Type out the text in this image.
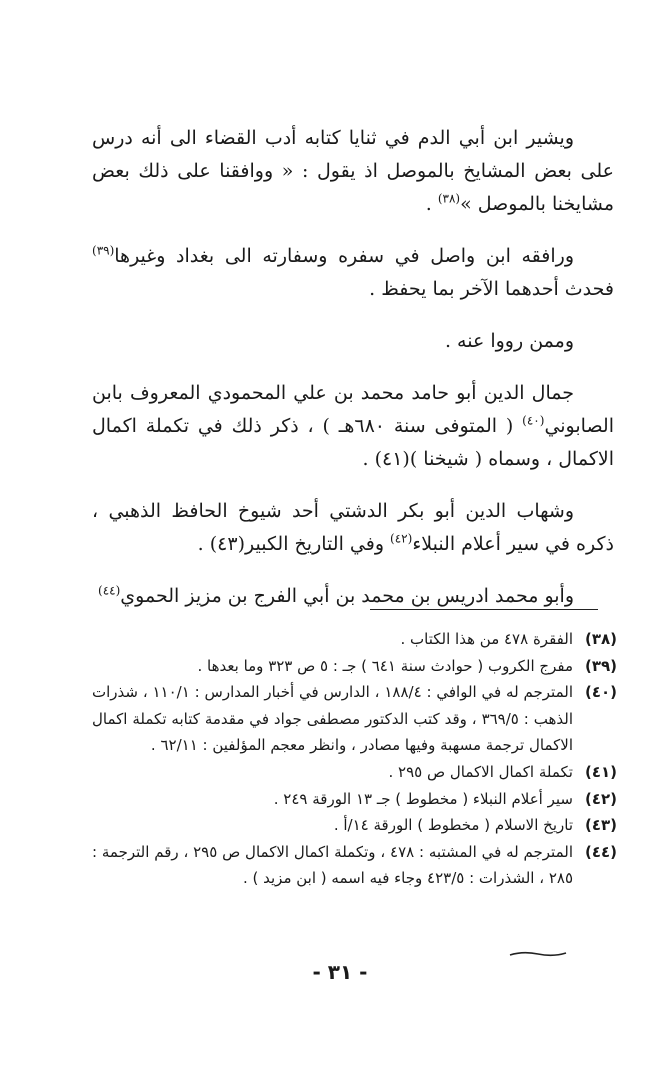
ويشير ابن أبي الدم في ثنايا كتابه أدب القضاء الى أنه درس على بعض المشايخ بالموصل اذ يقول : « ووافقنا على ذلك بعض مشايخنا بالموصل »$^{(٣٨)}$ .

ورافقه ابن واصل في سفره وسفارته الى بغداد وغيرها$^{(٣٩)}$ فحدث أحدهما الآخر بما يحفظ .

وممن رووا عنه .

جمال الدين أبو حامد محمد بن علي المحمودي المعروف بابن الصابوني$^{(٤٠)}$ ( المتوفى سنة ٦٨٠هـ ) ، ذكر ذلك في تكملة اكمال الاكمال ، وسماه ( شيخنا )(٤١) .

وشهاب الدين أبو بكر الدشتي أحد شيوخ الحافظ الذهبي ، ذكره في سير أعلام النبلاء$^{(٤٢)}$ وفي التاريخ الكبير(٤٣) .

وأبو محمد ادريس بن محمد بن أبي الفرج بن مزيز الحموي$^{(٤٤)}$

(٣٨)
الفقرة ٤٧٨ من هذا الكتاب .

(٣٩)
مفرج الكروب ( حوادث سنة ٦٤١ ) جـ : ٥ ص ٣٢٣ وما بعدها .

(٤٠)
المترجم له في الوافي : ١٨٨/٤ ، الدارس في أخبار المدارس : ١١٠/١ ، شذرات الذهب : ٣٦٩/٥ ، وقد كتب الدكتور مصطفى جواد في مقدمة كتابه تكملة اكمال الاكمال ترجمة مسهبة وفيها مصادر ، وانظر معجم المؤلفين : ٦٢/١١ .

(٤١)
تكملة اكمال الاكمال ص ٢٩٥ .

(٤٢)
سير أعلام النبلاء ( مخطوط ) جـ ١٣ الورقة ٢٤٩ .

(٤٣)
تاريخ الاسلام ( مخطوط ) الورقة ١٤/أ .

(٤٤)
المترجم له في المشتبه : ٤٧٨ ، وتكملة اكمال الاكمال ص ٢٩٥ ، رقم الترجمة : ٢٨٥ ، الشذرات : ٤٢٣/٥ وجاء فيه اسمه ( ابن مزيد ) .

- ٣١ -
